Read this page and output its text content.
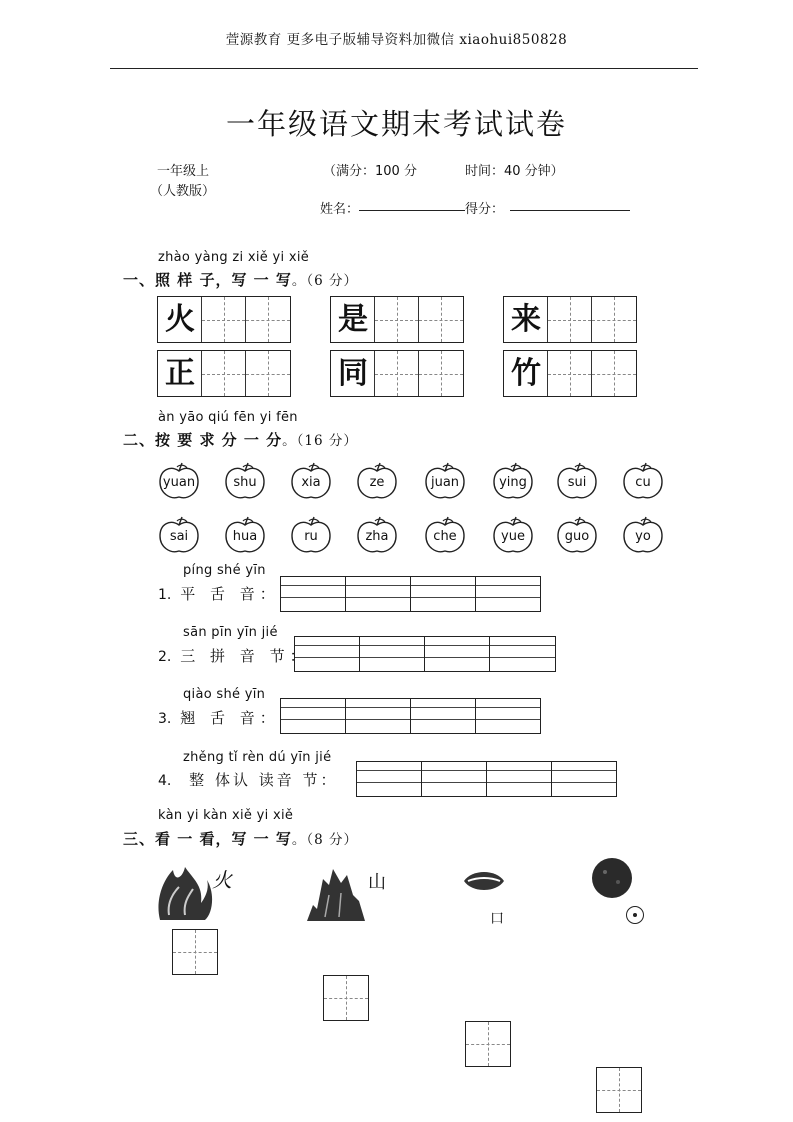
萱源教育 更多电子版辅导资料加微信 xiaohui850828
一年级语文期末考试试卷
一年级上
（人教版）
（满分：100 分	时间：40 分钟）
姓名：	得分：
zhào yàng zi xiě yi xiě
一、照 样 子，写 一 写。（6 分）
火	是	来
正	同	竹
àn yāo qiú fēn yi fēn
二、按 要 求 分 一 分。（16 分）
píng shé yīn
1. 平 舌 音：
sān pīn yīn jié
2. 三 拼 音 节：
qiào shé yīn
3. 翘 舌 音：
zhěng tǐ rèn dú yīn jié
4. 整 体认 读音 节：
kàn yi kàn xiě yi xiě
三、看 一 看，写 一 写。（8 分）
火	山
口
yuan	shu	xia	ze	juan	ying	sui	cu
sai	hua	ru	zha	che	yue	guo	yo
